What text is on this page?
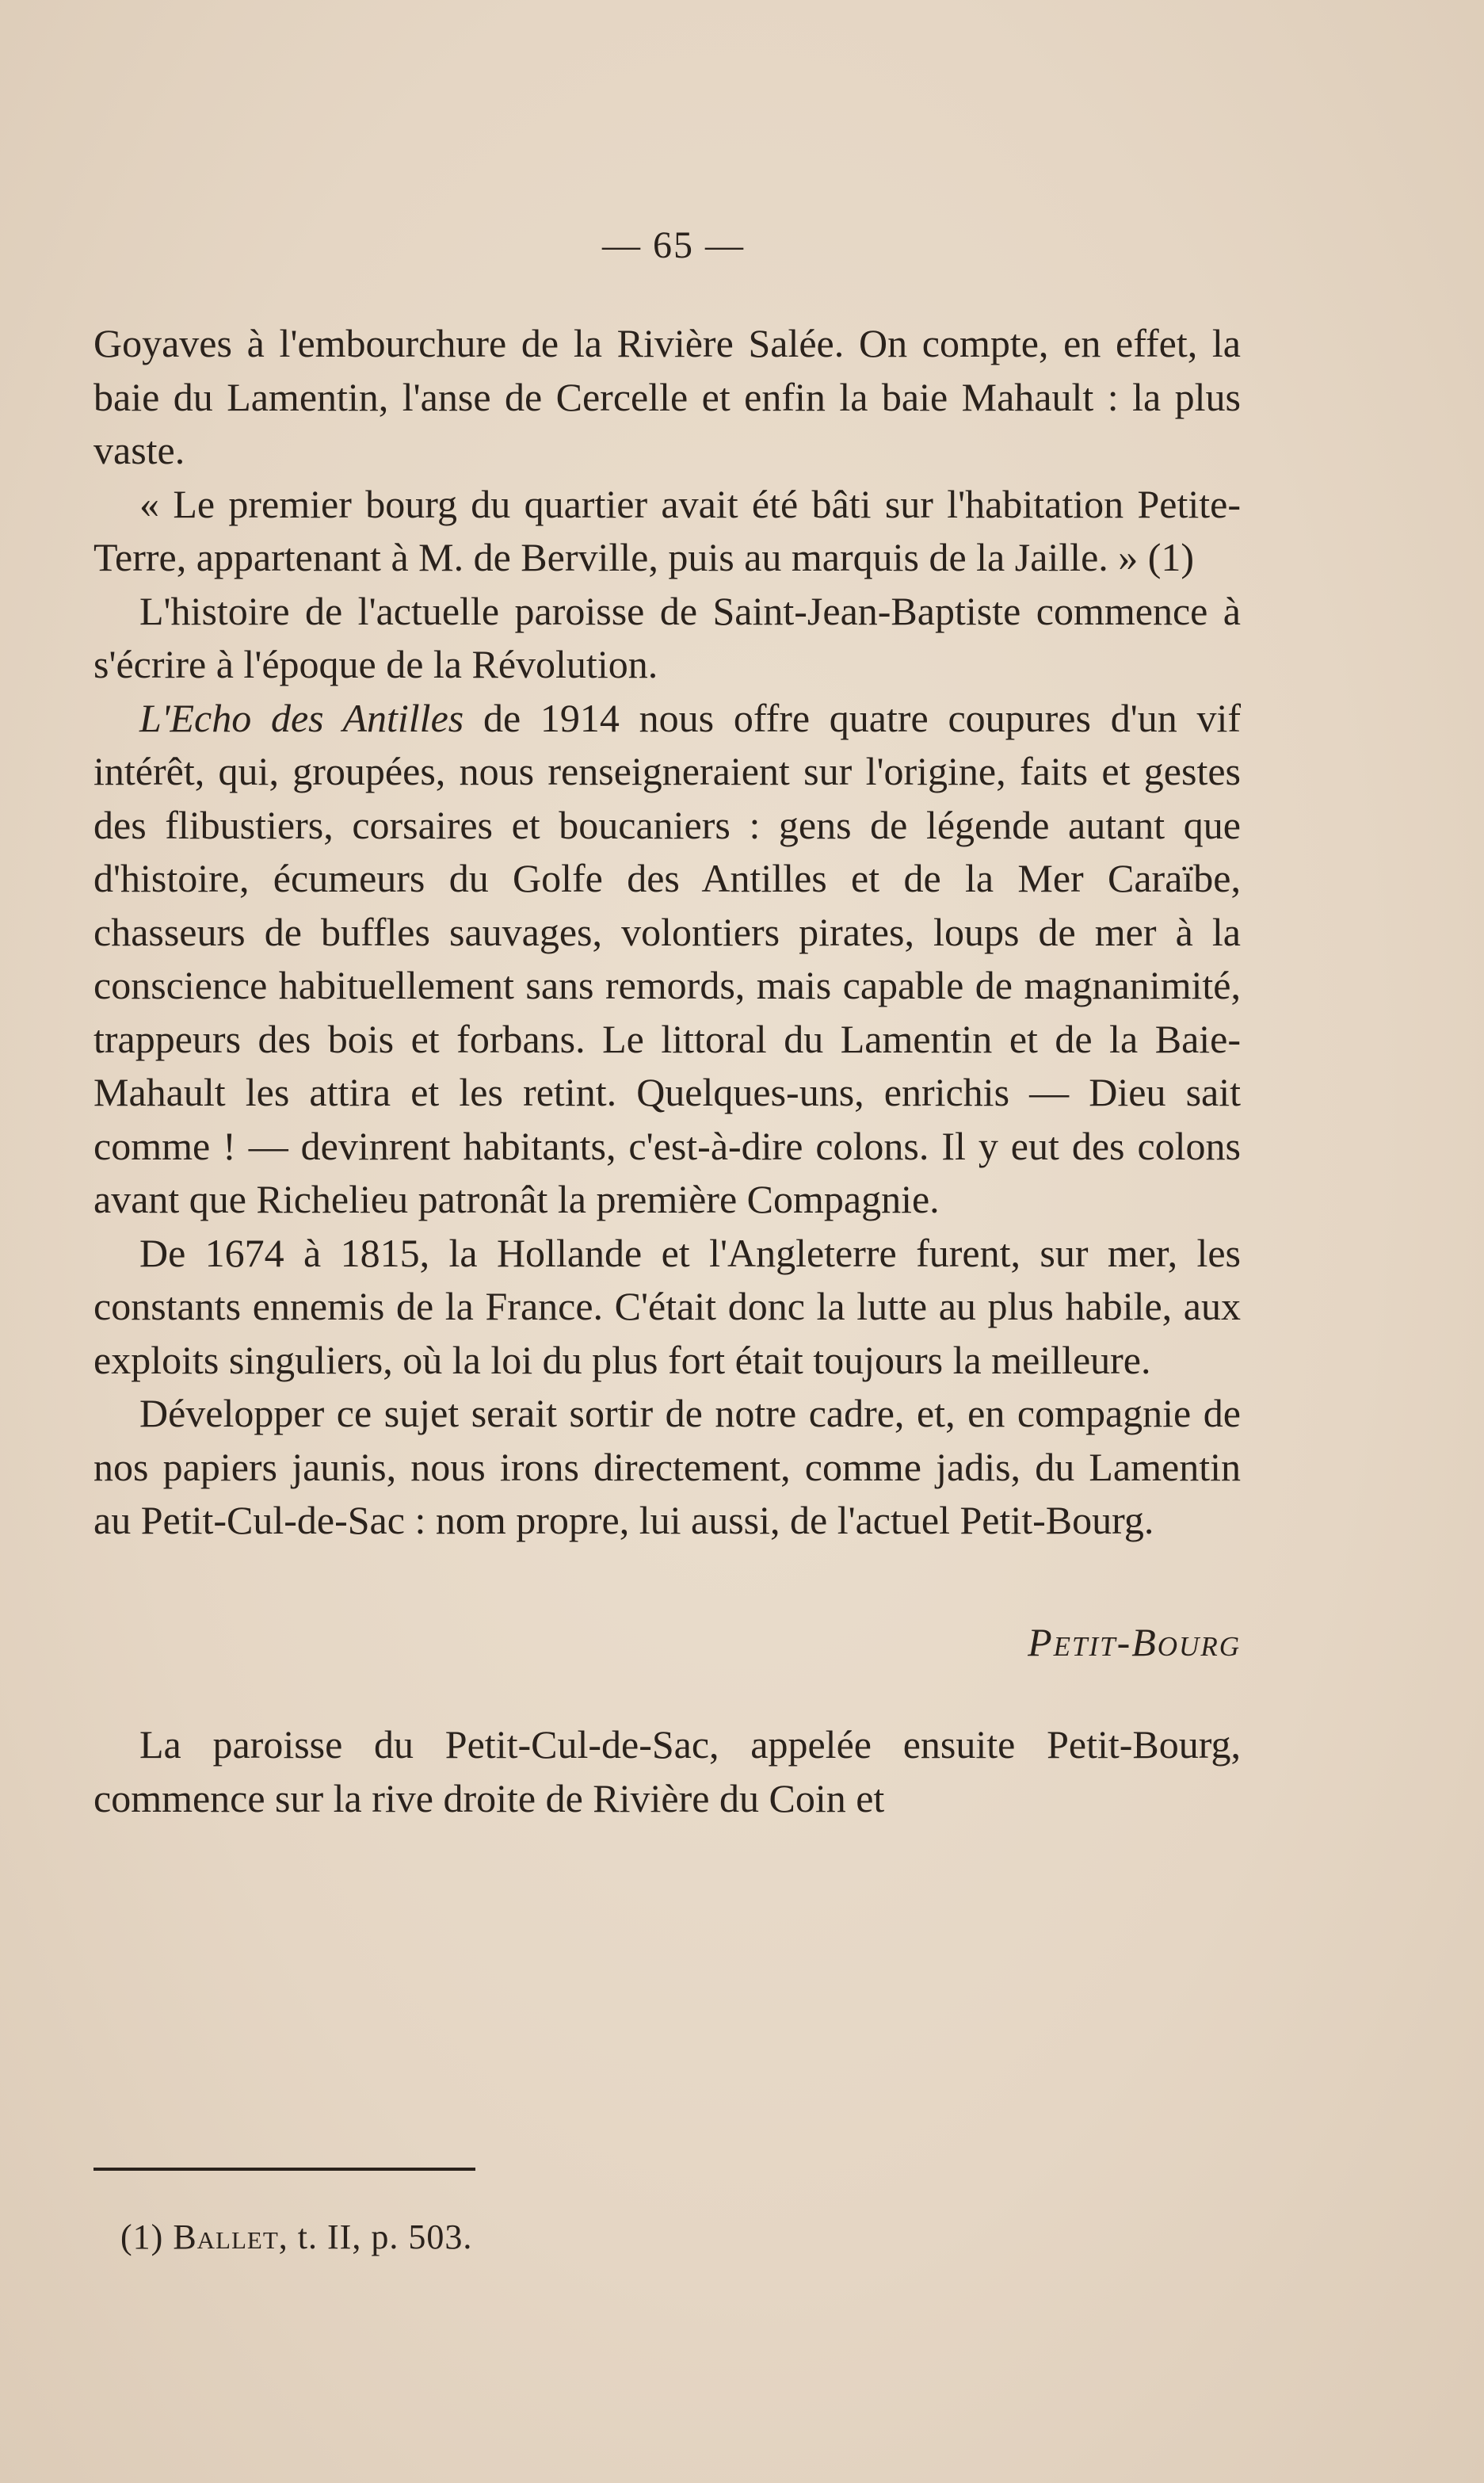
— 65 —

Goyaves à l'embourchure de la Rivière Salée. On compte, en effet, la baie du Lamentin, l'anse de Cercelle et enfin la baie Mahault : la plus vaste.

« Le premier bourg du quartier avait été bâti sur l'habitation Petite-Terre, appartenant à M. de Berville, puis au marquis de la Jaille. » (1)

L'histoire de l'actuelle paroisse de Saint-Jean-Baptiste commence à s'écrire à l'époque de la Révolution.

L'Echo des Antilles de 1914 nous offre quatre coupures d'un vif intérêt, qui, groupées, nous renseigneraient sur l'origine, faits et gestes des flibustiers, corsaires et boucaniers : gens de légende autant que d'histoire, écumeurs du Golfe des Antilles et de la Mer Caraïbe, chasseurs de buffles sauvages, volontiers pirates, loups de mer à la conscience habituellement sans remords, mais capable de magnanimité, trappeurs des bois et forbans. Le littoral du Lamentin et de la Baie-Mahault les attira et les retint. Quelques-uns, enrichis — Dieu sait comme ! — devinrent habitants, c'est-à-dire colons. Il y eut des colons avant que Richelieu patronât la première Compagnie.

De 1674 à 1815, la Hollande et l'Angleterre furent, sur mer, les constants ennemis de la France. C'était donc la lutte au plus habile, aux exploits singuliers, où la loi du plus fort était toujours la meilleure.

Développer ce sujet serait sortir de notre cadre, et, en compagnie de nos papiers jaunis, nous irons directement, comme jadis, du Lamentin au Petit-Cul-de-Sac : nom propre, lui aussi, de l'actuel Petit-Bourg.

Petit-Bourg

La paroisse du Petit-Cul-de-Sac, appelée ensuite Petit-Bourg, commence sur la rive droite de Rivière du Coin et

(1) Ballet, t. II, p. 503.
